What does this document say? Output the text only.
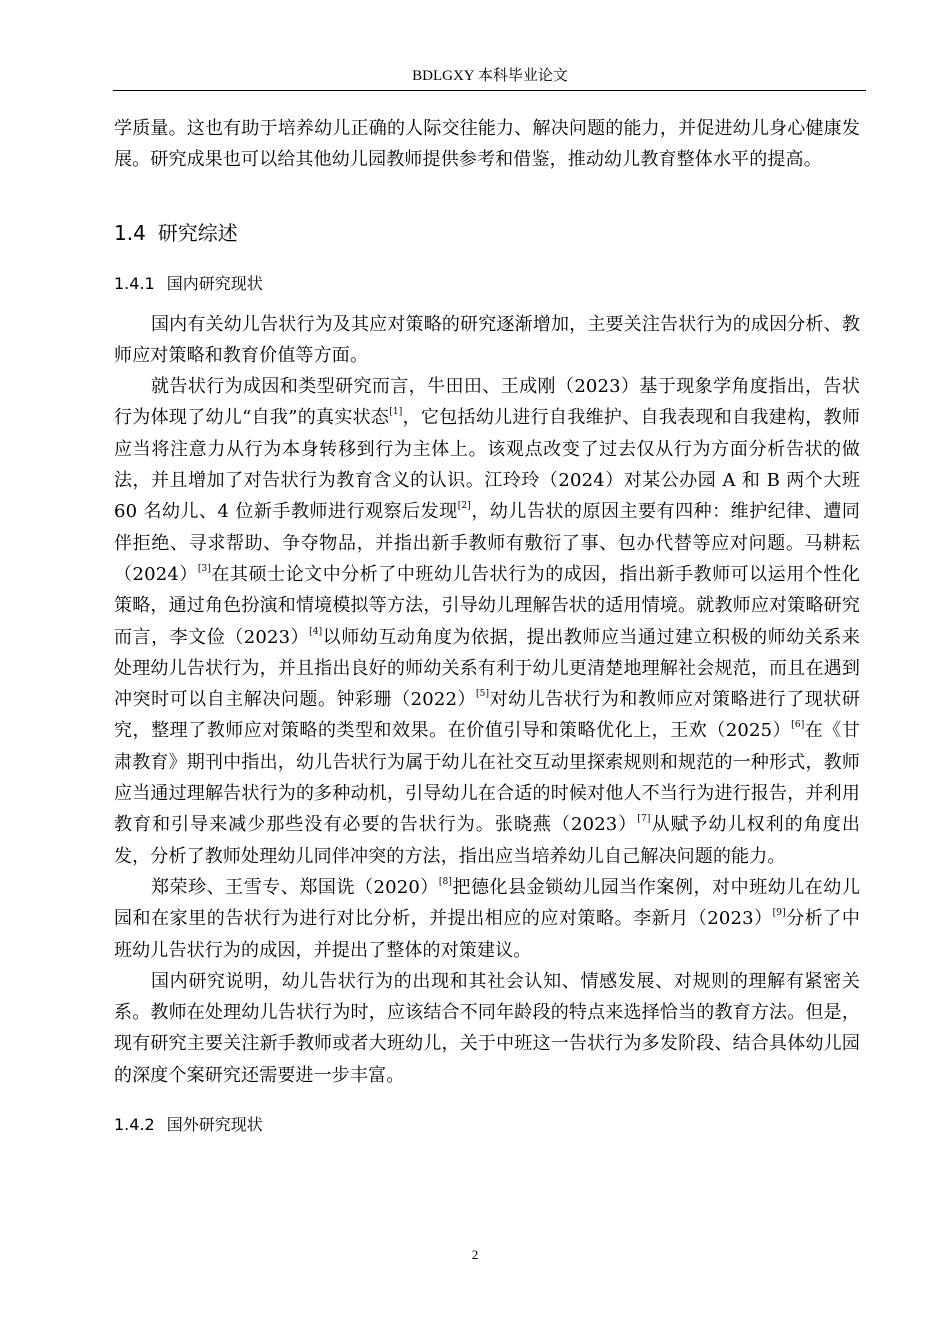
BDLGXY 本科毕业论文

学质量。这也有助于培养幼儿正确的人际交往能力、解决问题的能力，并促进幼儿身心健康发展。研究成果也可以给其他幼儿园教师提供参考和借鉴，推动幼儿教育整体水平的提高。

1.4 研究综述
1.4.1 国内研究现状

国内有关幼儿告状行为及其应对策略的研究逐渐增加，主要关注告状行为的成因分析、教师应对策略和教育价值等方面。

就告状行为成因和类型研究而言，牛田田、王成刚（2023）基于现象学角度指出，告状行为体现了幼儿“自我”的真实状态[1]，它包括幼儿进行自我维护、自我表现和自我建构，教师应当将注意力从行为本身转移到行为主体上。该观点改变了过去仅从行为方面分析告状的做法，并且增加了对告状行为教育含义的认识。江玲玲（2024）对某公办园 A 和 B 两个大班 60 名幼儿、4 位新手教师进行观察后发现[2]，幼儿告状的原因主要有四种：维护纪律、遭同伴拒绝、寻求帮助、争夺物品，并指出新手教师有敷衍了事、包办代替等应对问题。马耕耘（2024）[3]在其硕士论文中分析了中班幼儿告状行为的成因，指出新手教师可以运用个性化策略，通过角色扮演和情境模拟等方法，引导幼儿理解告状的适用情境。就教师应对策略研究而言，李文俭（2023）[4]以师幼互动角度为依据，提出教师应当通过建立积极的师幼关系来处理幼儿告状行为，并且指出良好的师幼关系有利于幼儿更清楚地理解社会规范，而且在遇到冲突时可以自主解决问题。钟彩珊（2022）[5]对幼儿告状行为和教师应对策略进行了现状研究，整理了教师应对策略的类型和效果。在价值引导和策略优化上，王欢（2025）[6]在《甘肃教育》期刊中指出，幼儿告状行为属于幼儿在社交互动里探索规则和规范的一种形式，教师应当通过理解告状行为的多种动机，引导幼儿在合适的时候对他人不当行为进行报告，并利用教育和引导来减少那些没有必要的告状行为。张晓燕（2023）[7]从赋予幼儿权利的角度出发，分析了教师处理幼儿同伴冲突的方法，指出应当培养幼儿自己解决问题的能力。

郑荣珍、王雪专、郑国诜（2020）[8]把德化县金锁幼儿园当作案例，对中班幼儿在幼儿园和在家里的告状行为进行对比分析，并提出相应的应对策略。李新月（2023）[9]分析了中班幼儿告状行为的成因，并提出了整体的对策建议。

国内研究说明，幼儿告状行为的出现和其社会认知、情感发展、对规则的理解有紧密关系。教师在处理幼儿告状行为时，应该结合不同年龄段的特点来选择恰当的教育方法。但是，现有研究主要关注新手教师或者大班幼儿，关于中班这一告状行为多发阶段、结合具体幼儿园的深度个案研究还需要进一步丰富。

1.4.2 国外研究现状
2
